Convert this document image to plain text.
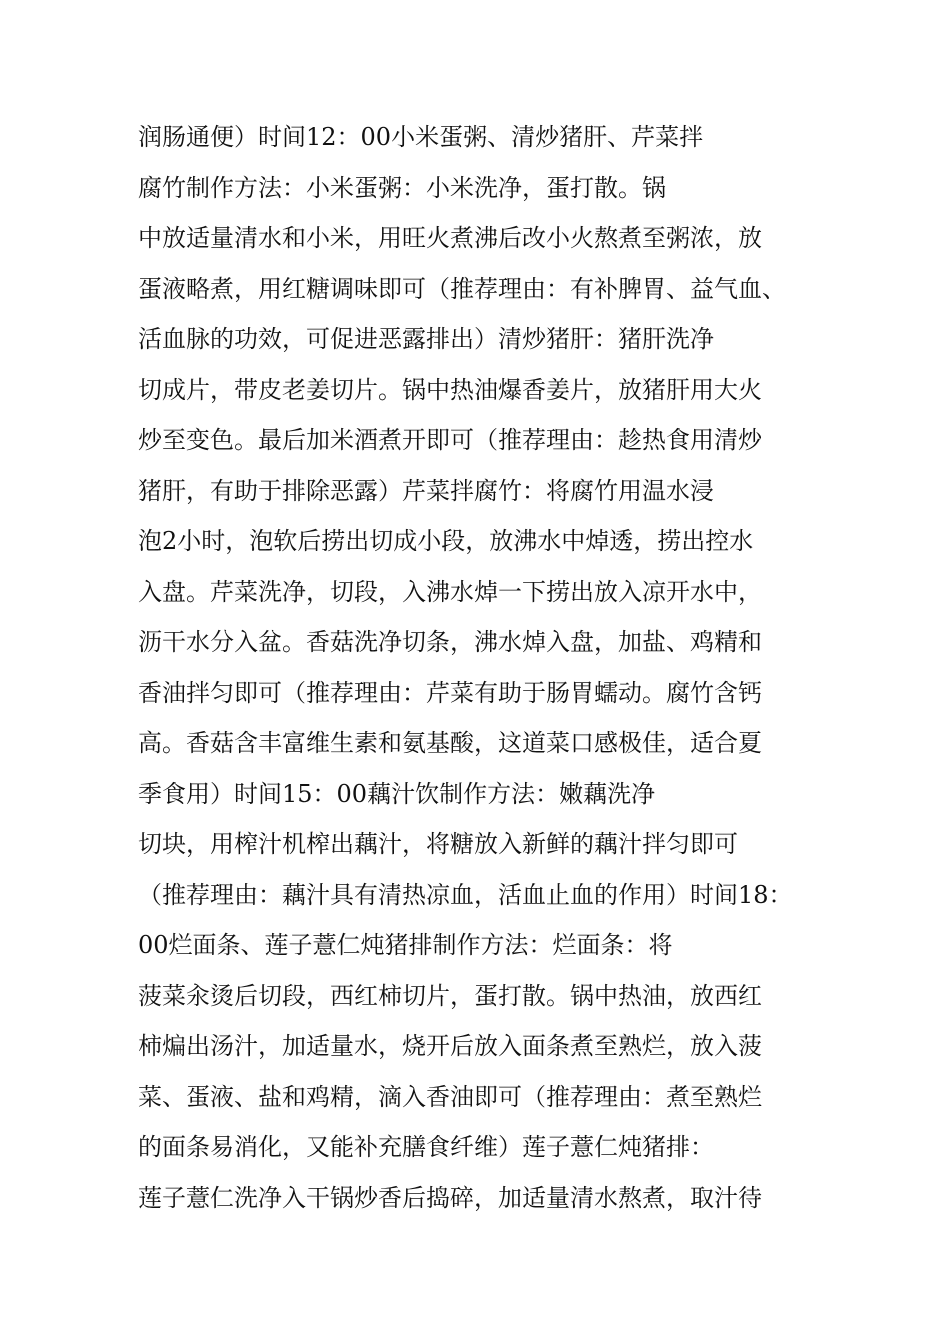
润肠通便）时间12：00小米蛋粥、清炒猪肝、芹菜拌
腐竹制作方法：小米蛋粥：小米洗净，蛋打散。锅
中放适量清水和小米，用旺火煮沸后改小火熬煮至粥浓，放
蛋液略煮，用红糖调味即可（推荐理由：有补脾胃、益气血、
活血脉的功效，可促进恶露排出）清炒猪肝：猪肝洗净
切成片，带皮老姜切片。锅中热油爆香姜片，放猪肝用大火
炒至变色。最后加米酒煮开即可（推荐理由：趁热食用清炒
猪肝，有助于排除恶露）芹菜拌腐竹：将腐竹用温水浸
泡2小时，泡软后捞出切成小段，放沸水中焯透，捞出控水
入盘。芹菜洗净，切段，入沸水焯一下捞出放入凉开水中，
沥干水分入盆。香菇洗净切条，沸水焯入盘，加盐、鸡精和
香油拌匀即可（推荐理由：芹菜有助于肠胃蠕动。腐竹含钙
高。香菇含丰富维生素和氨基酸，这道菜口感极佳，适合夏
季食用）时间15：00藕汁饮制作方法：嫩藕洗净
切块，用榨汁机榨出藕汁，将糖放入新鲜的藕汁拌匀即可
（推荐理由：藕汁具有清热凉血，活血止血的作用）时间18：
00烂面条、莲子薏仁炖猪排制作方法：烂面条：将
菠菜汆烫后切段，西红柿切片，蛋打散。锅中热油，放西红
柿煸出汤汁，加适量水，烧开后放入面条煮至熟烂，放入菠
菜、蛋液、盐和鸡精，滴入香油即可（推荐理由：煮至熟烂
的面条易消化，又能补充膳食纤维）莲子薏仁炖猪排：
莲子薏仁洗净入干锅炒香后捣碎，加适量清水熬煮，取汁待
